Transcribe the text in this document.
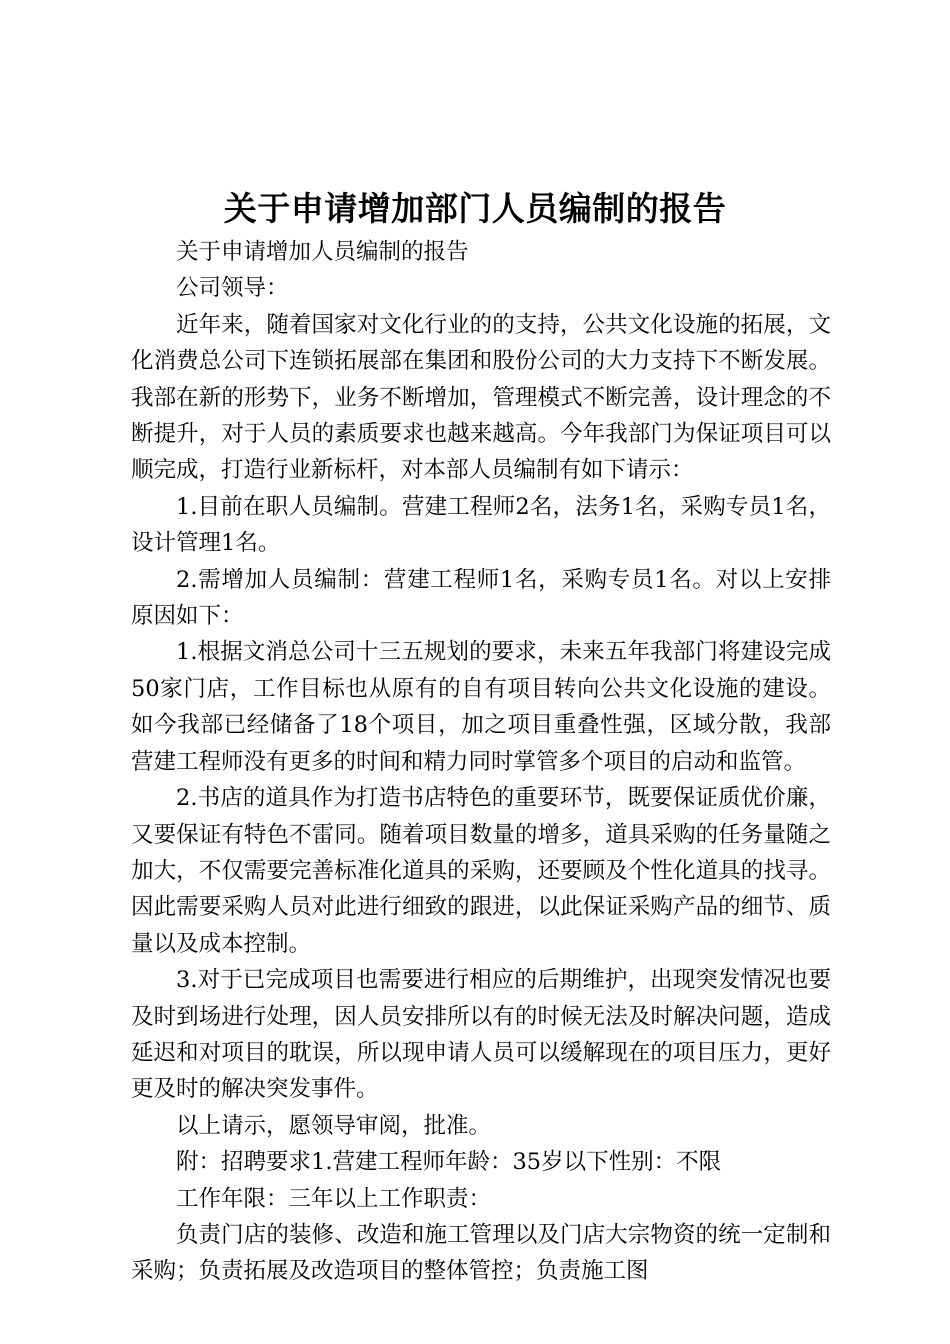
关于申请增加部门人员编制的报告

关于申请增加人员编制的报告

公司领导：

近年来，随着国家对文化行业的的支持，公共文化设施的拓展，文化消费总公司下连锁拓展部在集团和股份公司的大力支持下不断发展。我部在新的形势下，业务不断增加，管理模式不断完善，设计理念的不断提升，对于人员的素质要求也越来越高。今年我部门为保证项目可以顺完成，打造行业新标杆，对本部人员编制有如下请示：

1.目前在职人员编制。营建工程师2名，法务1名，采购专员1名，设计管理1名。

2.需增加人员编制：营建工程师1名，采购专员1名。对以上安排原因如下：

1.根据文消总公司十三五规划的要求，未来五年我部门将建设完成50家门店，工作目标也从原有的自有项目转向公共文化设施的建设。如今我部已经储备了18个项目，加之项目重叠性强，区域分散，我部营建工程师没有更多的时间和精力同时掌管多个项目的启动和监管。

2.书店的道具作为打造书店特色的重要环节，既要保证质优价廉，又要保证有特色不雷同。随着项目数量的增多，道具采购的任务量随之加大，不仅需要完善标准化道具的采购，还要顾及个性化道具的找寻。因此需要采购人员对此进行细致的跟进，以此保证采购产品的细节、质量以及成本控制。

3.对于已完成项目也需要进行相应的后期维护，出现突发情况也要及时到场进行处理，因人员安排所以有的时候无法及时解决问题，造成延迟和对项目的耽误，所以现申请人员可以缓解现在的项目压力，更好更及时的解决突发事件。

以上请示，愿领导审阅，批准。

附：招聘要求1.营建工程师年龄：35岁以下性别：不限

工作年限：三年以上工作职责：

负责门店的装修、改造和施工管理以及门店大宗物资的统一定制和采购；负责拓展及改造项目的整体管控；负责施工图
